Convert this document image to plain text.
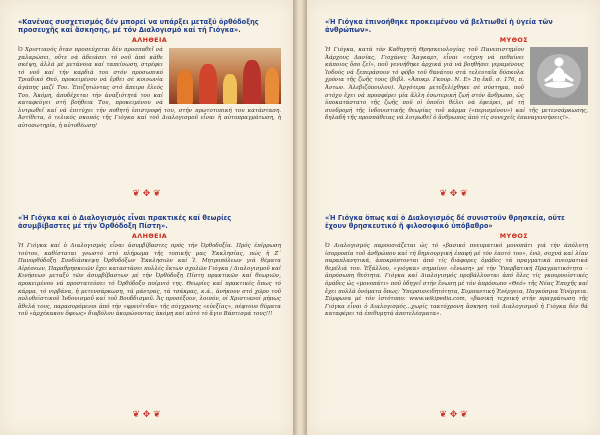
«Κανένας συσχετισμός δέν μπορεί να υπάρξει μεταξύ ὀρθόδοξης προσευχῆς καί ἄσκησης, μέ τόν Διαλογισμό καί τή Γιόγκα».

ΑΛΗΘΕΙΑ

Ὁ Χριστιανός ὅταν προσεύχεται δέν προσπαθεῖ νά χαλαρώσει, οὔτε νά ἀδειάσει τό νοῦ ἀπό κάθε σκέψη, ἀλλά μέ μετάνοια καί ταπείνωση, στρέφει τό νοῦ καί τήν καρδιά του στόν προσωπικό Τριαδικό Θεό, προκειμένου νά ἔρθει σέ κοινωνία ἀγάπης μαζί Του. Ἐπιζητώντας στό ἄπειρο ἔλεός Του, Ἀκόμη, ἀποδέχεται τήν ἀναξιότητά του καί καταφεύγει στή βοήθεια Του, προκειμένου νά λυτρωθεῖ καί νά ἐπιτύχει τήν ποθητή ἐπιστροφή του, στήν πρωτοτυπική του κατάσταση. Ἀντίθετα, ὁ τελικός σκοπός τῆς Γιόγκα καί τοῦ Διαλογισμοῦ εἶναι ἡ αὐτοπραγμάτωση, ἡ αὐτοσωτηρία, ἡ αὐτοθέωση!

❦ ✥ ❦

«Ἡ Γιόγκα καί ὁ Διαλογισμός εἶναι πρακτικές καί θεωρίες ἀσυμβίβαστες μέ τήν Ὀρθόδοξη Πίστη».

ΑΛΗΘΕΙΑ

Ἡ Γιόγκα καί ὁ Διαλογισμός εἶναι ἀσυμβίβαστες πρός τήν Ὀρθοδοξία. Πρός ἐπίρρωση τούτου, καθίσταται γνωστό στό πλήρωμα τῆς τοπικῆς μας Ἐκκλησίας, πώς ἡ Ζ΄ Πανορθόδοξη Συνδιάσκεψη Ὀρθοδόξων Ἐκκλησιῶν καί Ἱ. Μητροπόλεων γιά θέματα Αἱρέσεων, Παραθρησκειῶν ἔχει καταστάσει πολλές ἔκτων σχολῶν Γιόγκα / Διαλογισμοῦ καί Κινήσεων μεταξύ τῶν ἀσυμβίβαστων μέ τήν Ὀρθόδοξη Πίστη πρακτικῶν καί θεωριῶν, προκειμένου νά προστατεύσει τό Ὀρθόδοξο ποίμνιό της. Θεωρίες καί πρακτικές ὅπως τό κάρμα, τό νιρβάνα, ἡ μετενσάρκωση, τά μάντρας, τά τσάκρας, κ.ά., ἀνήκουν στό χῶρο τοῦ πολυθεϊστικοῦ Ἰνδουισμοῦ καί τοῦ Βουδδισμοῦ. Ἄς προσέξουν, λοιπόν, οἱ Χριστιανοί μήπως ἄθελά τους, παρασυρόμενοι ἀπό τήν «φρενίτιδα» τῆς σύγχρονης «εὐεξίας», πέφτουν θύματα τοῦ «ἀρχέκακου ὄφεως» διαβόλου ἀκυρώνοντας ἀκόμη καί αὐτό τό ἅγιο Βάπτισμά τους!!!

❦ ✥ ❦

«Ἡ Γιόγκα ἐπινοήθηκε προκειμένου νά βελτιωθεῖ ἡ ὑγεία τῶν ἀνθρώπων».

ΜΥΘΟΣ

Ἡ Γιόγκα, κατά τόν Καθηγητή Θρησκειολογίας τοῦ Πανεπιστημίου Ἀάρχους Δανίας, Γιοχάνες Ἄαγκαρτ, εἶναι «τέχνη νά πεθαίνει κάποιος ὅσο ζεῖ», ποῦ γεννήθηκε ἀρχικά γιά νά βοηθήσει γεραμένους Ἰνδούς νά ξεπεράσουν τό φόβο τοῦ θανάτου στά τελευταῖα δύσκολα χρόνια τῆς ζωῆς τους (βιβλ. «Ἀποκρ. Γκουρ. Ν. Ε» 3η ἔκδ. σ. 176, π. Ἀντων. Ἀλεβιζόπουλου). Ἀργότερα μετεξελίχθηκε σέ σύστημα, ποῦ στόχο ἔχει νά προσφέρει μία ἄλλη ἐσωτερική ζωή στόν ἄνθρωπο, ὡς ὑποκατάστατο τῆς ζωῆς ποῦ οἱ ὁποῖοι θέλει νά ἐφεύρει, μέ τή συνδρομή τῆς ἰνδουιστικῆς θεωρίας τοῦ κάρμα («περισμένου») καί τῆς μετενσάρκωσης, δηλαδή τῆς προσπάθειας νά λυτρωθεῖ ὁ ἄνθρωπος ἀπό τίς συνεχεῖς ἐπαναγεννήσεις!».

❦ ✥ ❦

«Ἡ Γιόγκα ὅπως καί ὁ Διαλογισμός δέ συνιστοῦν θρησκεία, οὔτε ἔχουν θρησκευτικό ἤ φιλοσοφικό ὑπόβαθρο»

ΜΥΘΟΣ

Ὁ Διαλογισμός παρουσιάζεται ὡς τό «βασικό πνευματικό μονοπάτι γιά τήν ἀπόλυτη ἰσορροπία τοῦ ἀνθρώπου καί τή δημιουργική ἐπαφή μέ τόν ἑαυτό του», ἐνῶ, συχνά καί λίαν παραπλανητικά, ἀποκρύπτονται ἀπό τίς διάφορες ὁμάδες τά πραγματικά πνευματικά θεμέλιά του. Ἑξάλλου, «γιόγκα» σημαίνει «ἕνωση» μέ τήν Ὑπερβατική Πραγματικότητα – ἀπρόσωπη θεότητα. Γιόγκα καί Διαλογισμός προβάλλονται ἀπό ὅλες τίς γκουρουϊστικές ὁμάδες ὡς «μονοπάτι» ποῦ ὁδηγεῖ στήν ἕνωση μέ τόν ἀπρόσωπο «Θεό» τῆς Νέας Ἐποχῆς καί ἔχει πολλά ὀνόματα ὅπως: Ὑπερσυνειδητότητα, Συμπαντική Ἐνέργεια, Παγκόσμια Ἐνέργεια. Σύμφωνα μέ τόν ἰστότοπο: www.wikipedia.com, «βασική τεχνική στήν πραγμάτωση τῆς Γιόγκα εἶναι ὁ Διαλογισμός...χωρίς τακτόχρονη ἄσκηση τοῦ Διαλογισμοῦ ἡ Γιόγκα δέν θά καταφέρει τά ἐπιθυμητά ἀποτελέσματα».

❦ ✥ ❦
